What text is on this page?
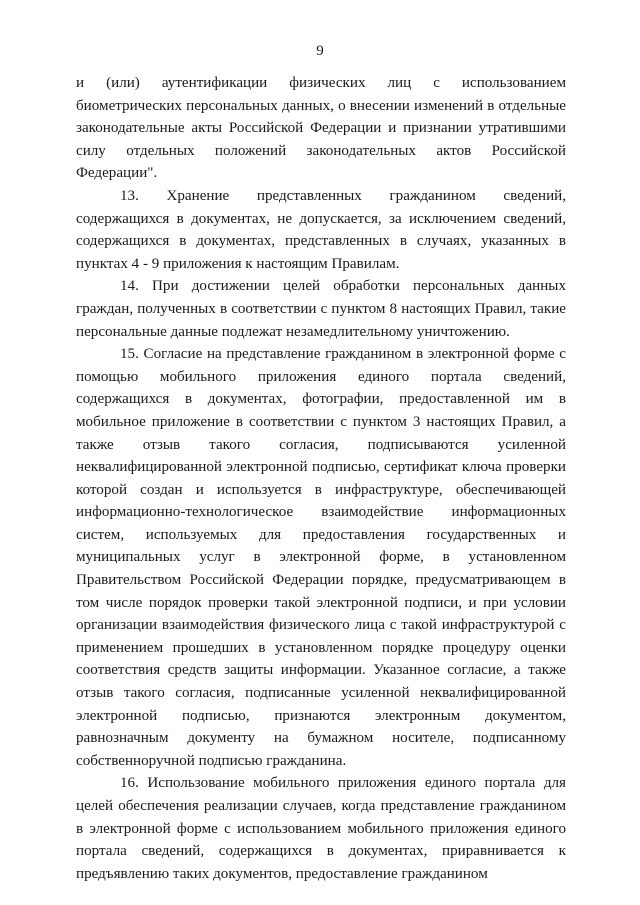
9

и (или) аутентификации физических лиц с использованием биометрических персональных данных, о внесении изменений в отдельные законодательные акты Российской Федерации и признании утратившими силу отдельных положений законодательных актов Российской Федерации".

13. Хранение представленных гражданином сведений, содержащихся в документах, не допускается, за исключением сведений, содержащихся в документах, представленных в случаях, указанных в пунктах 4 - 9 приложения к настоящим Правилам.

14. При достижении целей обработки персональных данных граждан, полученных в соответствии с пунктом 8 настоящих Правил, такие персональные данные подлежат незамедлительному уничтожению.

15. Согласие на представление гражданином в электронной форме с помощью мобильного приложения единого портала сведений, содержащихся в документах, фотографии, предоставленной им в мобильное приложение в соответствии с пунктом 3 настоящих Правил, а также отзыв такого согласия, подписываются усиленной неквалифицированной электронной подписью, сертификат ключа проверки которой создан и используется в инфраструктуре, обеспечивающей информационно-технологическое взаимодействие информационных систем, используемых для предоставления государственных и муниципальных услуг в электронной форме, в установленном Правительством Российской Федерации порядке, предусматривающем в том числе порядок проверки такой электронной подписи, и при условии организации взаимодействия физического лица с такой инфраструктурой с применением прошедших в установленном порядке процедуру оценки соответствия средств защиты информации. Указанное согласие, а также отзыв такого согласия, подписанные усиленной неквалифицированной электронной подписью, признаются электронным документом, равнозначным документу на бумажном носителе, подписанному собственноручной подписью гражданина.

16. Использование мобильного приложения единого портала для целей обеспечения реализации случаев, когда представление гражданином в электронной форме с использованием мобильного приложения единого портала сведений, содержащихся в документах, приравнивается к предъявлению таких документов, предоставление гражданином
